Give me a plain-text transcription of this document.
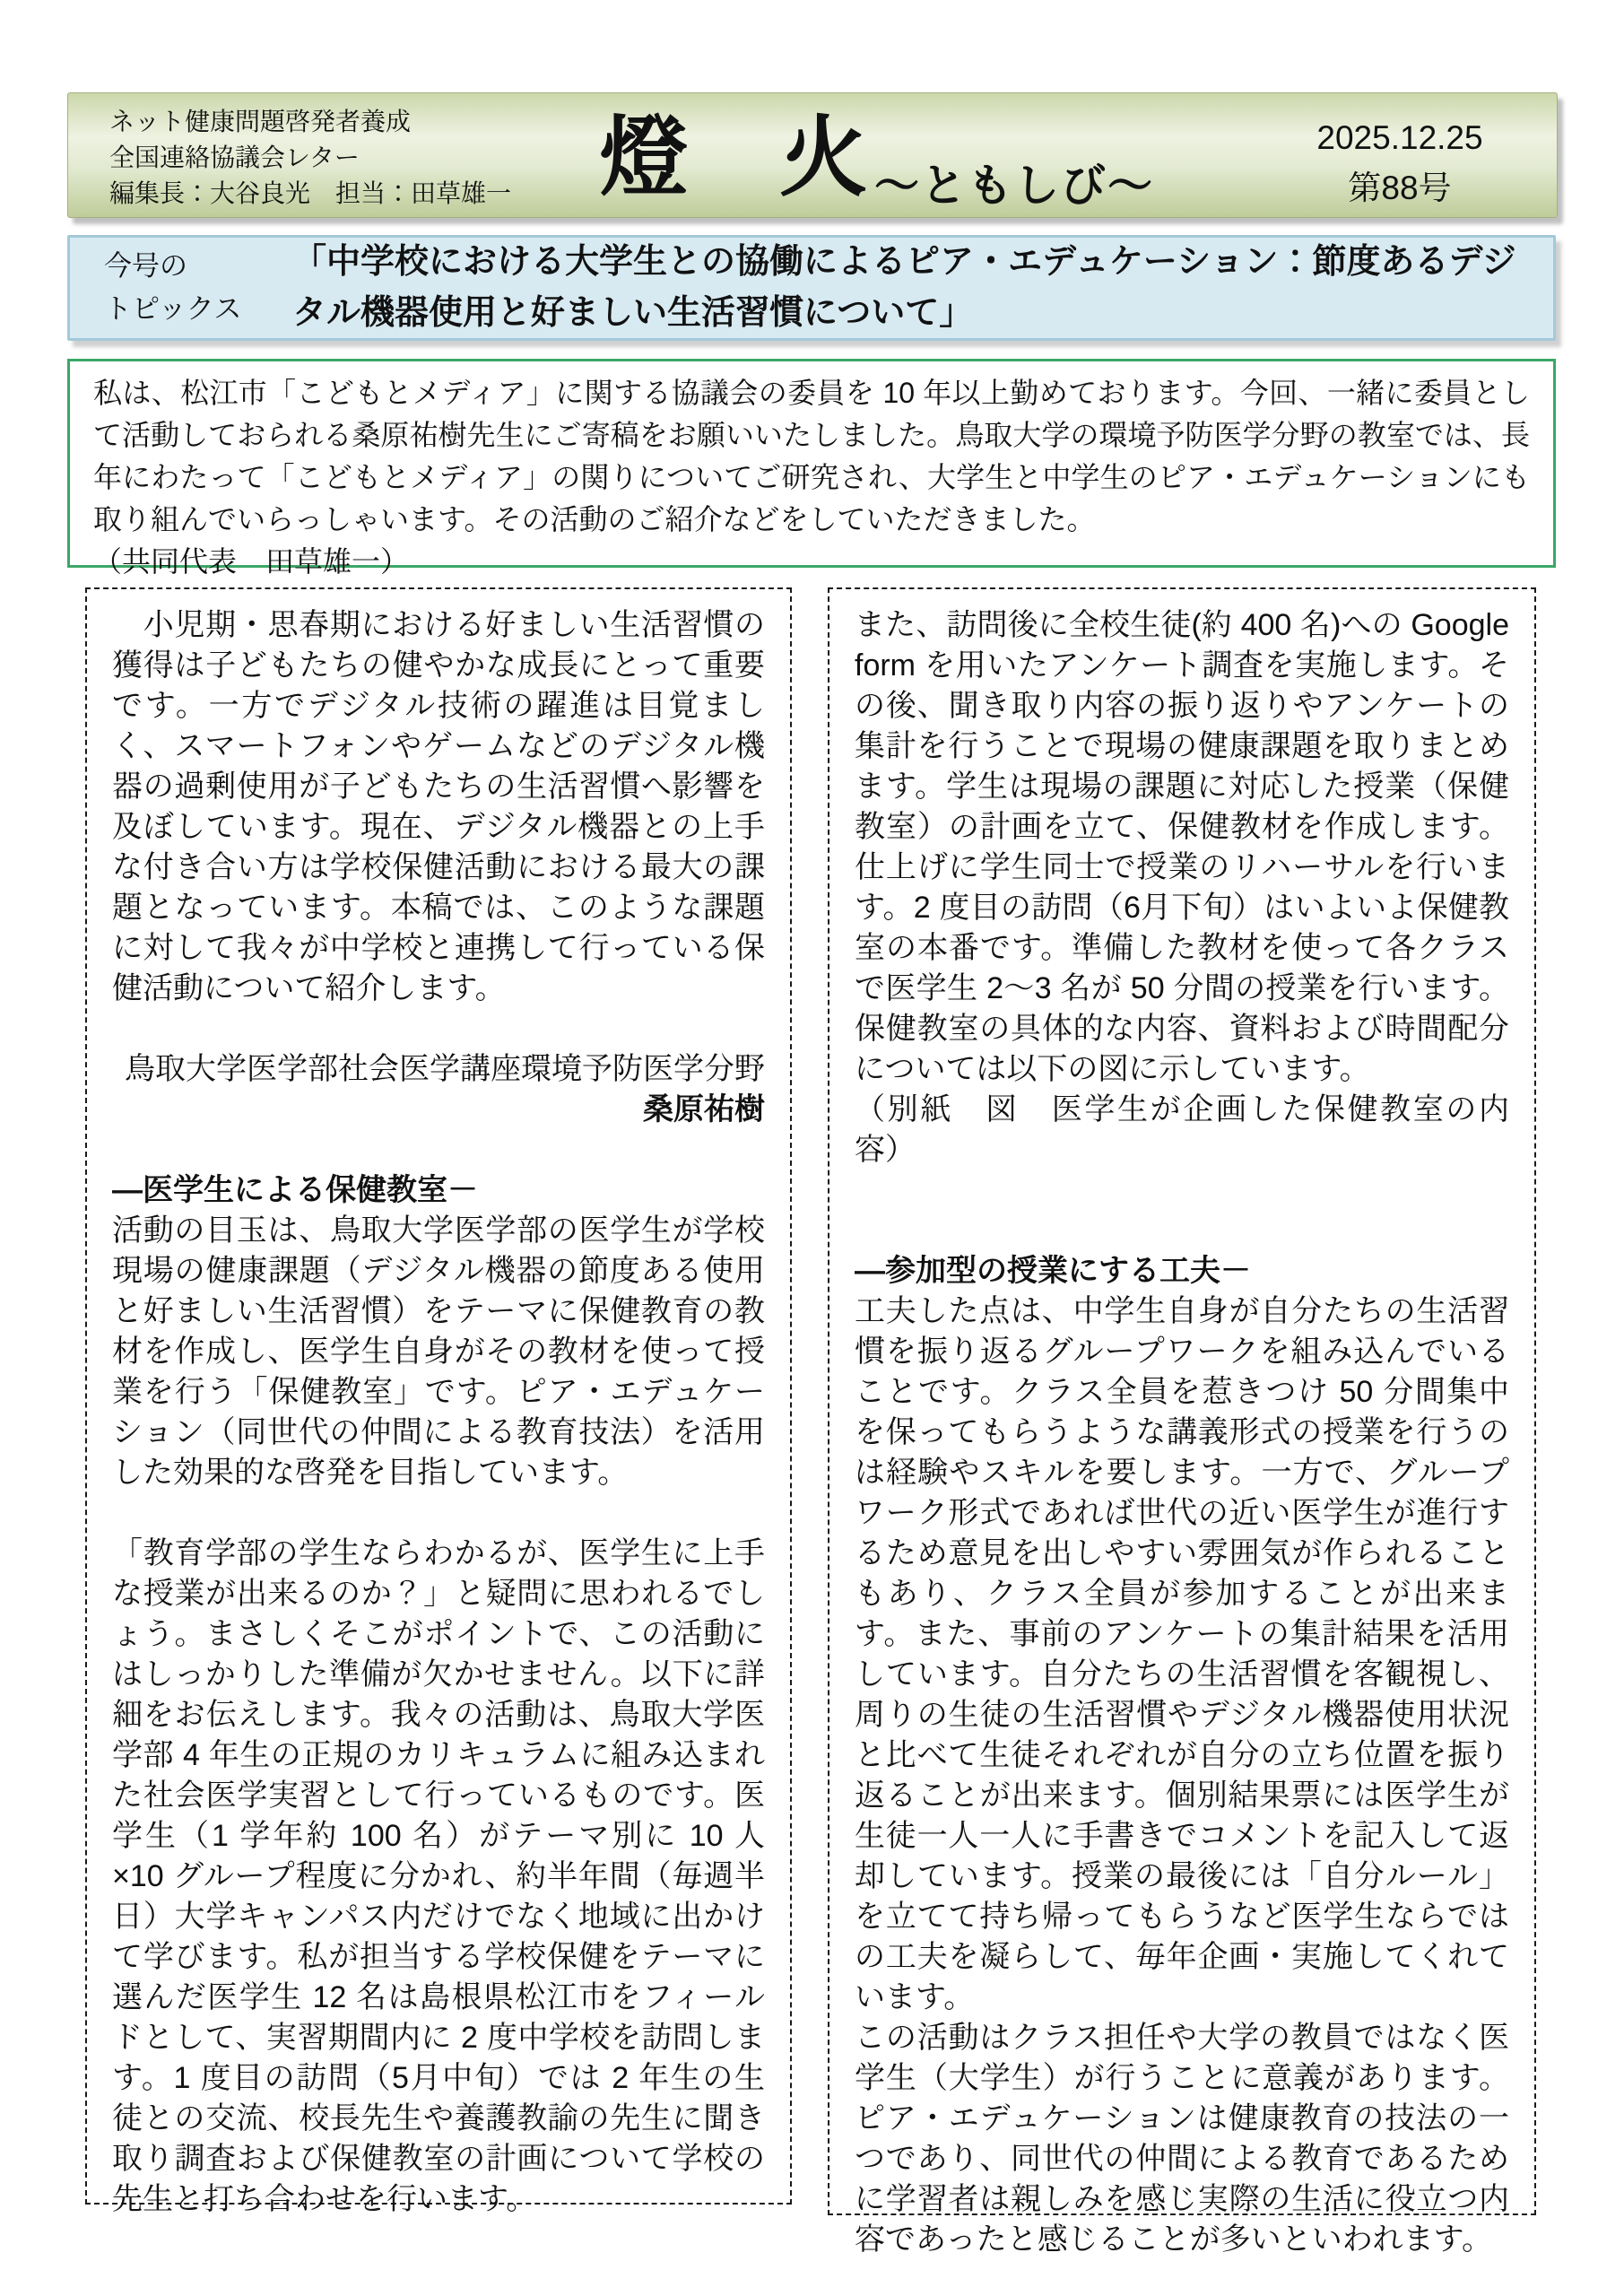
ネット健康問題啓発者養成
全国連絡協議会レター
編集長：大谷良光　担当：田草雄一 燈　火 ～ともしび～
2025.12.25
第88号
今号の
トピックス
「中学校における大学生との協働によるピア・エデュケーション：節度あるデジタル機器使用と好ましい生活習慣について」

私は、松江市「こどもとメディア」に関する協議会の委員を 10 年以上勤めております。今回、一緒に委員として活動しておられる桑原祐樹先生にご寄稿をお願いいたしました。鳥取大学の環境予防医学分野の教室では、長年にわたって「こどもとメディア」の関りについてご研究され、大学生と中学生のピア・エデュケーションにも取り組んでいらっしゃいます。その活動のご紹介などをしていただきました。

（共同代表　田草雄一）

　小児期・思春期における好ましい生活習慣の獲得は子どもたちの健やかな成長にとって重要です。一方でデジタル技術の躍進は目覚ましく、スマートフォンやゲームなどのデジタル機器の過剰使用が子どもたちの生活習慣へ影響を及ぼしています。現在、デジタル機器との上手な付き合い方は学校保健活動における最大の課題となっています。本稿では、このような課題に対して我々が中学校と連携して行っている保健活動について紹介します。

鳥取大学医学部社会医学講座環境予防医学分野

桑原祐樹

―医学生による保健教室－

活動の目玉は、鳥取大学医学部の医学生が学校現場の健康課題（デジタル機器の節度ある使用と好ましい生活習慣）をテーマに保健教育の教材を作成し、医学生自身がその教材を使って授業を行う「保健教室」です。ピア・エデュケーション（同世代の仲間による教育技法）を活用した効果的な啓発を目指しています。

「教育学部の学生ならわかるが、医学生に上手な授業が出来るのか？」と疑問に思われるでしょう。まさしくそこがポイントで、この活動にはしっかりした準備が欠かせません。以下に詳細をお伝えします。我々の活動は、鳥取大学医学部 4 年生の正規のカリキュラムに組み込まれた社会医学実習として行っているものです。医学生（1 学年約 100 名）がテーマ別に 10 人×10 グループ程度に分かれ、約半年間（毎週半日）大学キャンパス内だけでなく地域に出かけて学びます。私が担当する学校保健をテーマに選んだ医学生 12 名は島根県松江市をフィールドとして、実習期間内に 2 度中学校を訪問します。1 度目の訪問（5月中旬）では 2 年生の生徒との交流、校長先生や養護教諭の先生に聞き取り調査および保健教室の計画について学校の先生と打ち合わせを行います。

また、訪問後に全校生徒(約 400 名)への Google form を用いたアンケート調査を実施します。その後、聞き取り内容の振り返りやアンケートの集計を行うことで現場の健康課題を取りまとめます。学生は現場の課題に対応した授業（保健教室）の計画を立て、保健教材を作成します。仕上げに学生同士で授業のリハーサルを行います。2 度目の訪問（6月下旬）はいよいよ保健教室の本番です。準備した教材を使って各クラスで医学生 2～3 名が 50 分間の授業を行います。保健教室の具体的な内容、資料および時間配分については以下の図に示しています。

（別紙　図　医学生が企画した保健教室の内容）

―参加型の授業にする工夫－

工夫した点は、中学生自身が自分たちの生活習慣を振り返るグループワークを組み込んでいることです。クラス全員を惹きつけ 50 分間集中を保ってもらうような講義形式の授業を行うのは経験やスキルを要します。一方で、グループワーク形式であれば世代の近い医学生が進行するため意見を出しやすい雰囲気が作られることもあり、クラス全員が参加することが出来ます。また、事前のアンケートの集計結果を活用しています。自分たちの生活習慣を客観視し、周りの生徒の生活習慣やデジタル機器使用状況と比べて生徒それぞれが自分の立ち位置を振り返ることが出来ます。個別結果票には医学生が生徒一人一人に手書きでコメントを記入して返却しています。授業の最後には「自分ルール」を立てて持ち帰ってもらうなど医学生ならではの工夫を凝らして、毎年企画・実施してくれています。

この活動はクラス担任や大学の教員ではなく医学生（大学生）が行うことに意義があります。ピア・エデュケーションは健康教育の技法の一つであり、同世代の仲間による教育であるために学習者は親しみを感じ実際の生活に役立つ内容であったと感じることが多いといわれます。
